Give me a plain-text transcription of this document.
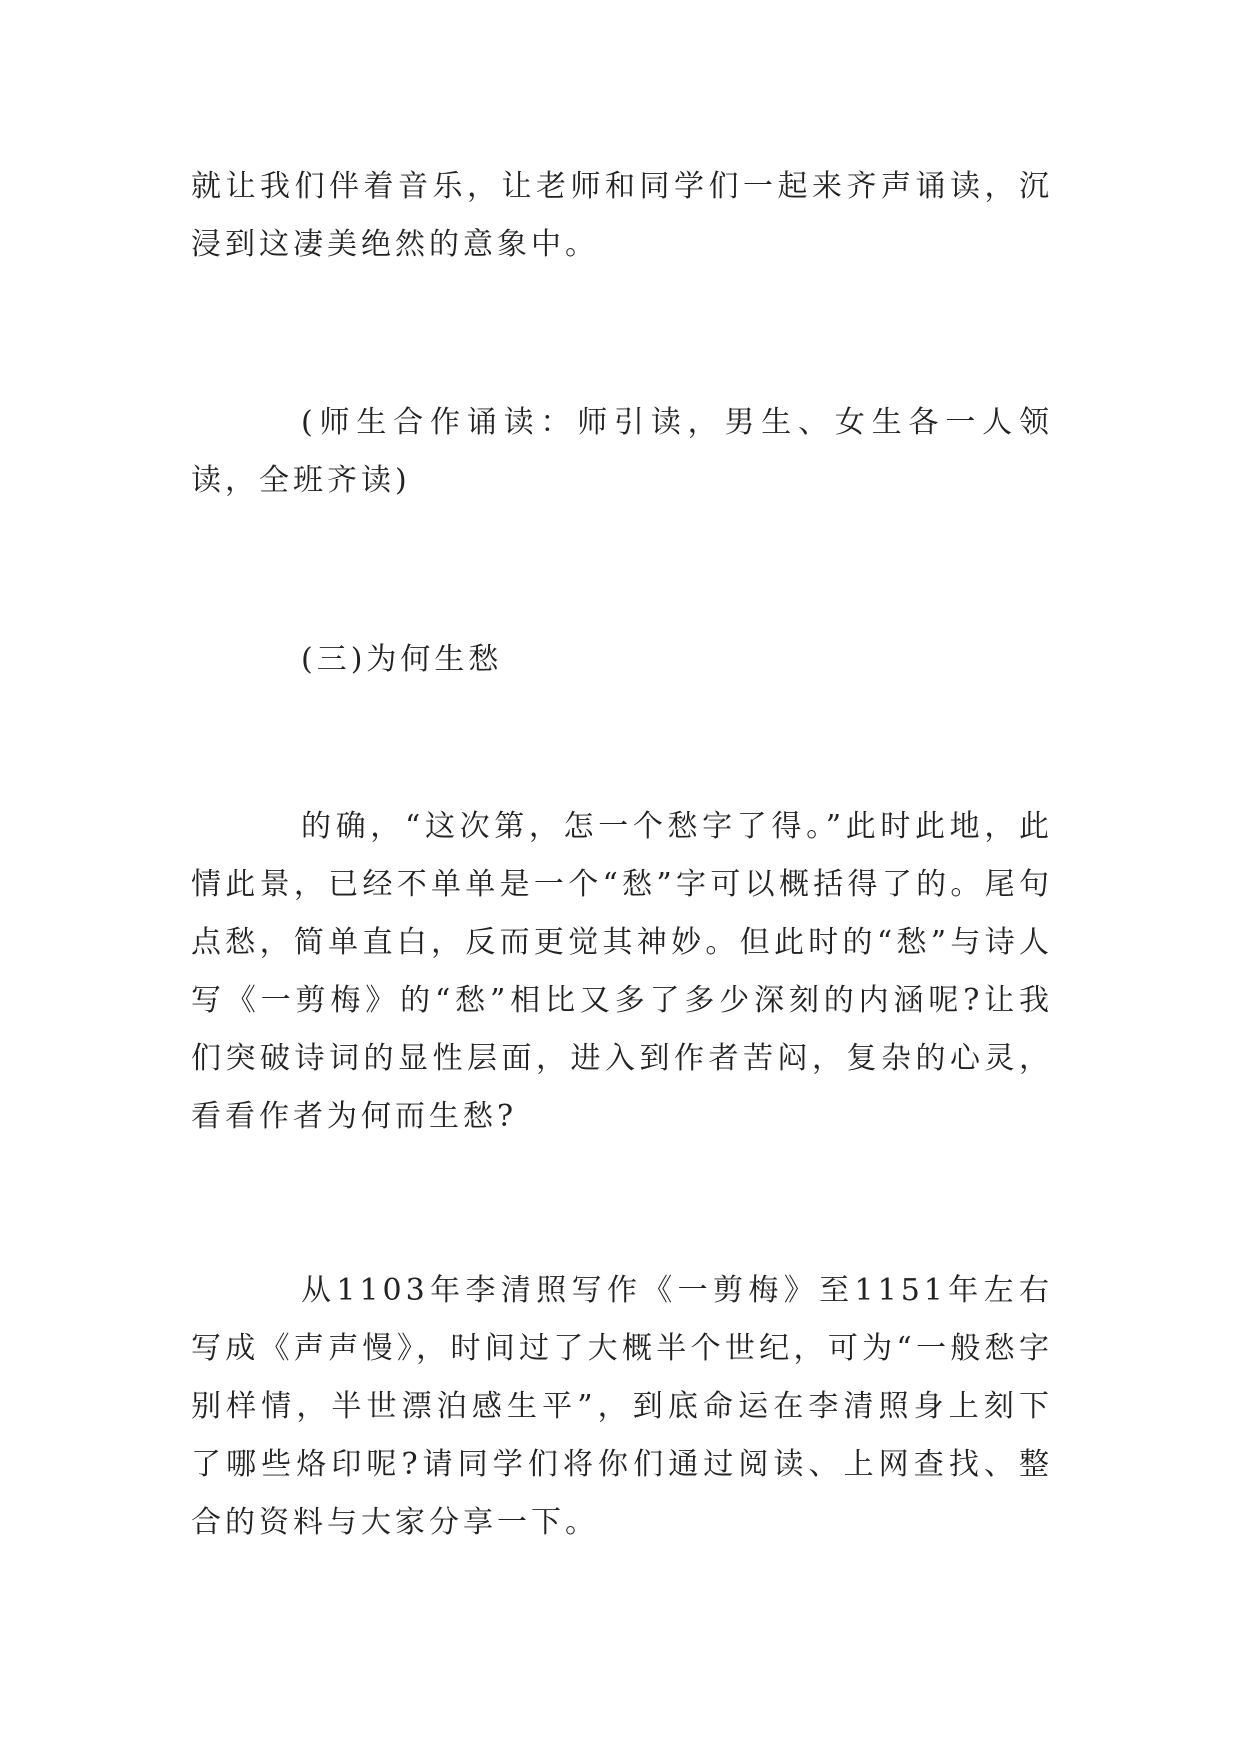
就让我们伴着音乐，让老师和同学们一起来齐声诵读，沉浸到这凄美绝然的意象中。

(师生合作诵读：师引读，男生、女生各一人领读，全班齐读)

(三)为何生愁

的确，“这次第，怎一个愁字了得。”此时此地，此情此景，已经不单单是一个“愁”字可以概括得了的。尾句点愁，简单直白，反而更觉其神妙。但此时的“愁”与诗人写《一剪梅》的“愁”相比又多了多少深刻的内涵呢?让我们突破诗词的显性层面，进入到作者苦闷，复杂的心灵，看看作者为何而生愁?

从1103年李清照写作《一剪梅》至1151年左右写成《声声慢》，时间过了大概半个世纪，可为“一般愁字别样情，半世漂泊感生平”，到底命运在李清照身上刻下了哪些烙印呢?请同学们将你们通过阅读、上网查找、整合的资料与大家分享一下。
